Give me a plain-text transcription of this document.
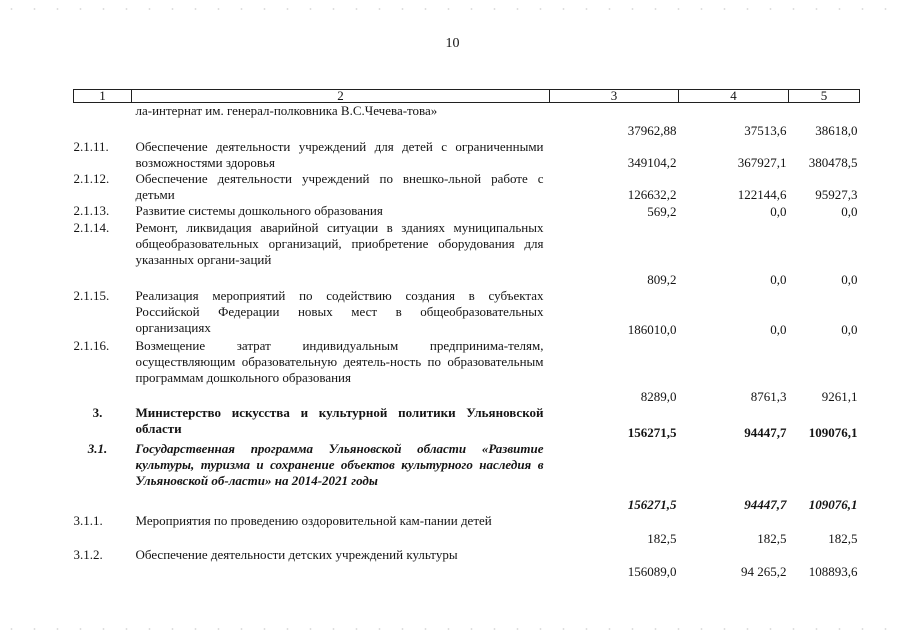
10
1	2	3	4	5
	ла-интернат им. генерал-полковника В.С.Чечева-това»	37962,88	37513,6	38618,0
2.1.11.	Обеспечение деятельности учреждений для детей с ограниченными возможностями здоровья	349104,2	367927,1	380478,5
2.1.12.	Обеспечение деятельности учреждений по внешко-льной работе с детьми	126632,2	122144,6	95927,3
2.1.13.	Развитие системы дошкольного образования	569,2	0,0	0,0
2.1.14.	Ремонт, ликвидация аварийной ситуации в зданиях муниципальных общеобразовательных организаций, приобретение оборудования для указанных органи-заций	809,2	0,0	0,0
2.1.15.	Реализация мероприятий по содействию создания в субъектах Российской Федерации новых мест в общеобразовательных организациях	186010,0	0,0	0,0
2.1.16.	Возмещение затрат индивидуальным предпринима-телям, осуществляющим образовательную деятель-ность по образовательным программам дошкольного образования	8289,0	8761,3	9261,1
3.	Министерство искусства и культурной политики Ульяновской области	156271,5	94447,7	109076,1
3.1.	Государственная программа Ульяновской области «Развитие культуры, туризма и сохранение объектов культурного наследия в Ульяновской об-ласти» на 2014-2021 годы	156271,5	94447,7	109076,1
3.1.1.	Мероприятия по проведению оздоровительной кам-пании детей	182,5	182,5	182,5
3.1.2.	Обеспечение деятельности детских учреждений культуры	156089,0	94 265,2	108893,6
